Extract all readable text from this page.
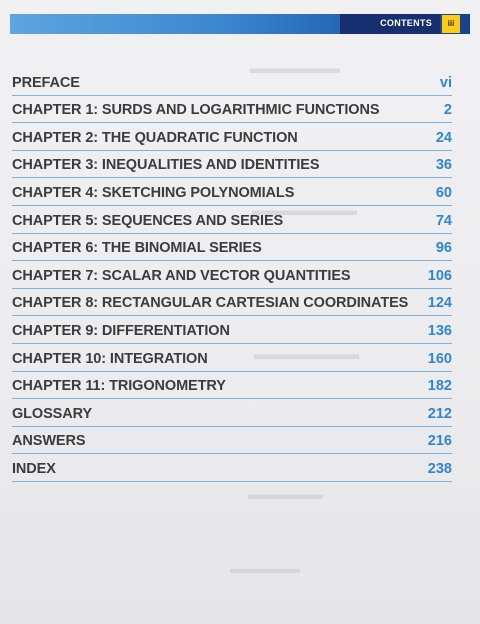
▬▬▬▬▬▬
▬▬▬▬▬▬▬
▬▬▬▬▬▬▬
▬▬▬▬▬
▬▬▬▬▬
CONTENTS	iii
PREFACE	vi
CHAPTER 1: SURDS AND LOGARITHMIC FUNCTIONS	2
CHAPTER 2: THE QUADRATIC FUNCTION	24
CHAPTER 3: INEQUALITIES AND IDENTITIES	36
CHAPTER 4: SKETCHING POLYNOMIALS	60
CHAPTER 5: SEQUENCES AND SERIES	74
CHAPTER 6: THE BINOMIAL SERIES	96
CHAPTER 7: SCALAR AND VECTOR QUANTITIES	106
CHAPTER 8: RECTANGULAR CARTESIAN COORDINATES 124
CHAPTER 9: DIFFERENTIATION	136
CHAPTER 10: INTEGRATION	160
CHAPTER 11: TRIGONOMETRY	182
GLOSSARY	212
ANSWERS	216
INDEX	238
